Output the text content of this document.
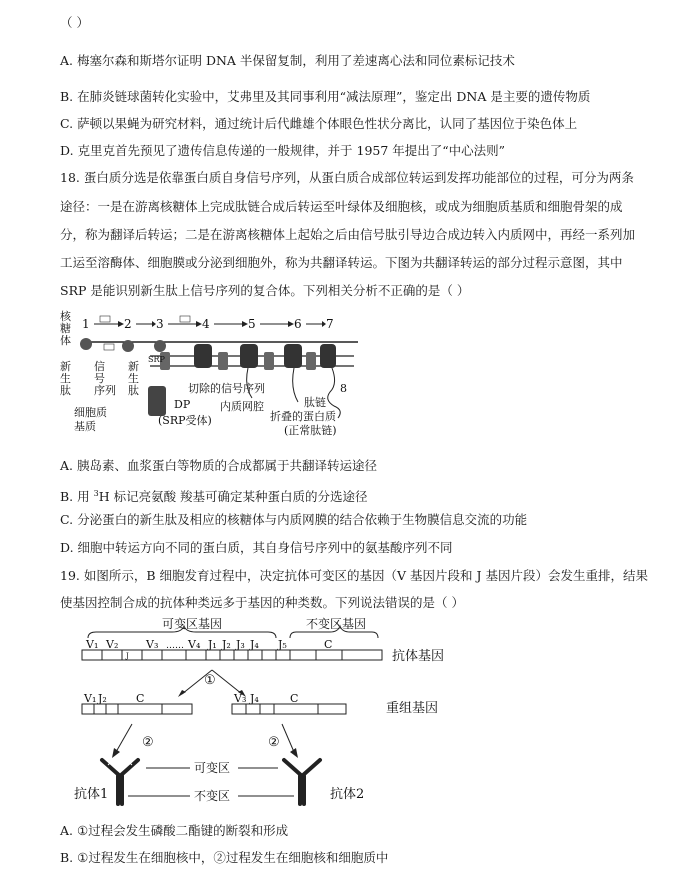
（ ）
A. 梅塞尔森和斯塔尔证明 DNA 半保留复制，利用了差速离心法和同位素标记技术
B. 在肺炎链球菌转化实验中，艾弗里及其同事利用“减法原理”，鉴定出 DNA 是主要的遗传物质
C. 萨顿以果蝇为研究材料，通过统计后代雌雄个体眼色性状分离比，认同了基因位于染色体上
D. 克里克首先预见了遗传信息传递的一般规律，并于 1957 年提出了“中心法则”
18. 蛋白质分选是依靠蛋白质自身信号序列，从蛋白质合成部位转运到发挥功能部位的过程，可分为两条
途径：一是在游离核糖体上完成肽链合成后转运至叶绿体及细胞核，或成为细胞质基质和细胞骨架的成
分，称为翻译后转运；二是在游离核糖体上起始之后由信号肽引导边合成边转入内质网中，再经一系列加
工运至溶酶体、细胞膜或分泌到细胞外，称为共翻译转运。下图为共翻译转运的部分过程示意图，其中
SRP 是能识别新生肽上信号序列的复合体。下列相关分析不正确的是（ ）
1	2 3	4	5	6 7
8
核糖体
新生肽
信号序列
新生肽
细胞质基质
SRP
切除的信号序列
内质网腔
DP
(SRP受体)
肽链
折叠的蛋白质
(正常肽链)
A. 胰岛素、血浆蛋白等物质的合成都属于共翻译转运途径
B. 用 $^3$H 标记亮氨酸 羧基可确定某种蛋白质的分选途径
C. 分泌蛋白的新生肽及相应的核糖体与内质网膜的结合依赖于生物膜信息交流的功能
D. 细胞中转运方向不同的蛋白质，其自身信号序列中的氨基酸序列不同
19. 如图所示，B 细胞发育过程中，决定抗体可变区的基因（V 基因片段和 J 基因片段）会发生重排，结果
使基因控制合成的抗体种类远多于基因的种类数。下列说法错误的是（ ）
可变区基因	不变区基因
V₁
J
V₂	V₃ …… V₄ J₁ J₂ J₃ J₄ J₅	C
抗体基因
①
V₁ J₂	C	V₃ J₄	C
重组基因
②	②
抗体1	抗体2
可变区
不变区
A. ①过程会发生磷酸二酯键的断裂和形成
B. ①过程发生在细胞核中，②过程发生在细胞核和细胞质中
